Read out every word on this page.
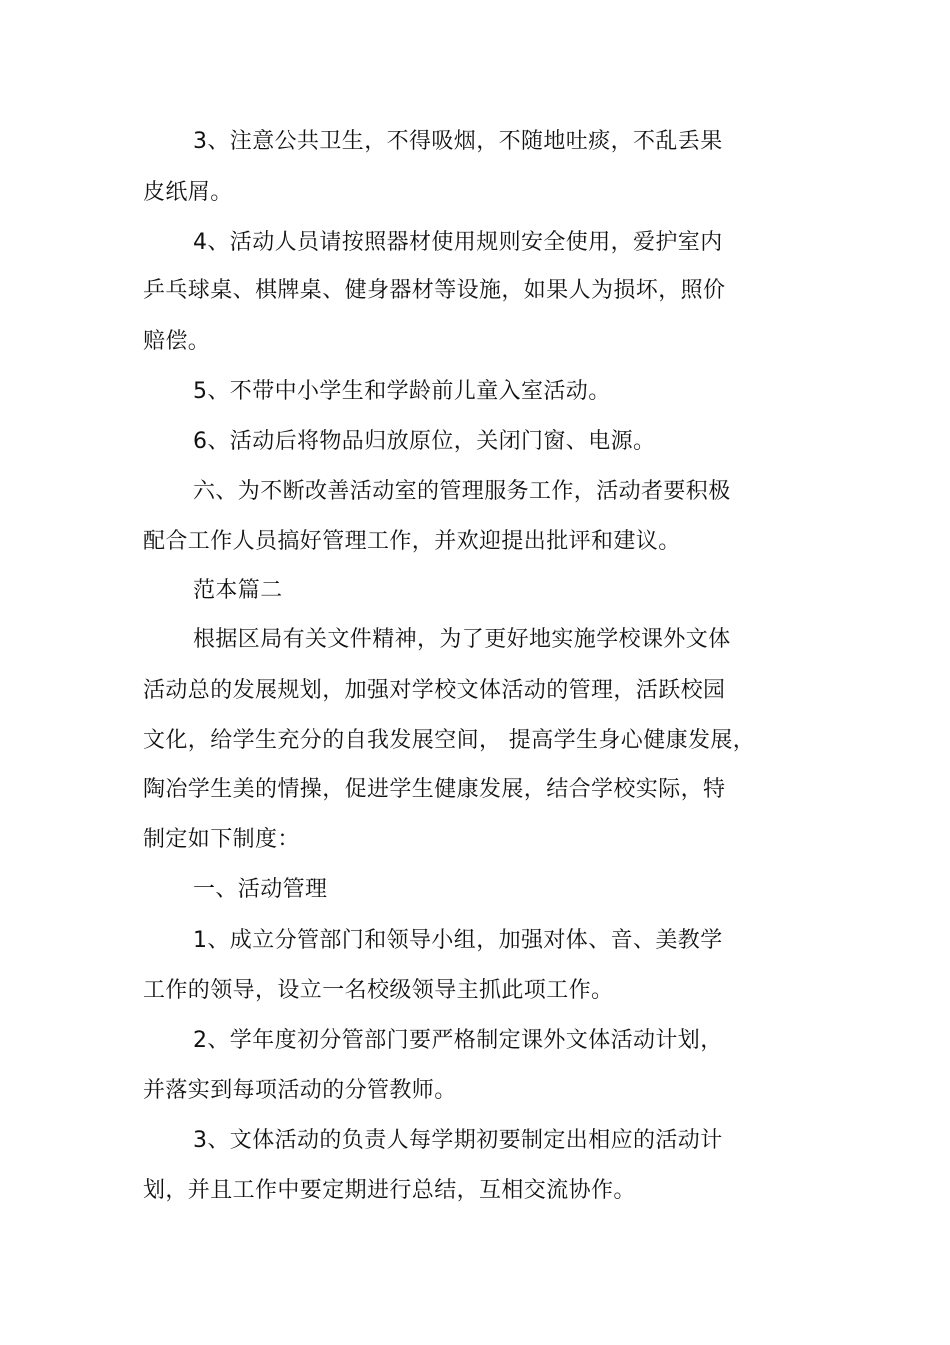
3、注意公共卫生，不得吸烟，不随地吐痰，不乱丢果
皮纸屑。
4、活动人员请按照器材使用规则安全使用，爱护室内
乒乓球桌、棋牌桌、健身器材等设施，如果人为损坏，照价
赔偿。
5、不带中小学生和学龄前儿童入室活动。
6、活动后将物品归放原位，关闭门窗、电源。
六、为不断改善活动室的管理服务工作，活动者要积极
配合工作人员搞好管理工作，并欢迎提出批评和建议。
范本篇二
根据区局有关文件精神，为了更好地实施学校课外文体
活动总的发展规划，加强对学校文体活动的管理，活跃校园
文化，给学生充分的自我发展空间， 提高学生身心健康发展，
陶冶学生美的情操，促进学生健康发展，结合学校实际，特
制定如下制度：
一、活动管理
1、成立分管部门和领导小组，加强对体、音、美教学
工作的领导，设立一名校级领导主抓此项工作。
2、学年度初分管部门要严格制定课外文体活动计划，
并落实到每项活动的分管教师。
3、文体活动的负责人每学期初要制定出相应的活动计
划，并且工作中要定期进行总结，互相交流协作。
